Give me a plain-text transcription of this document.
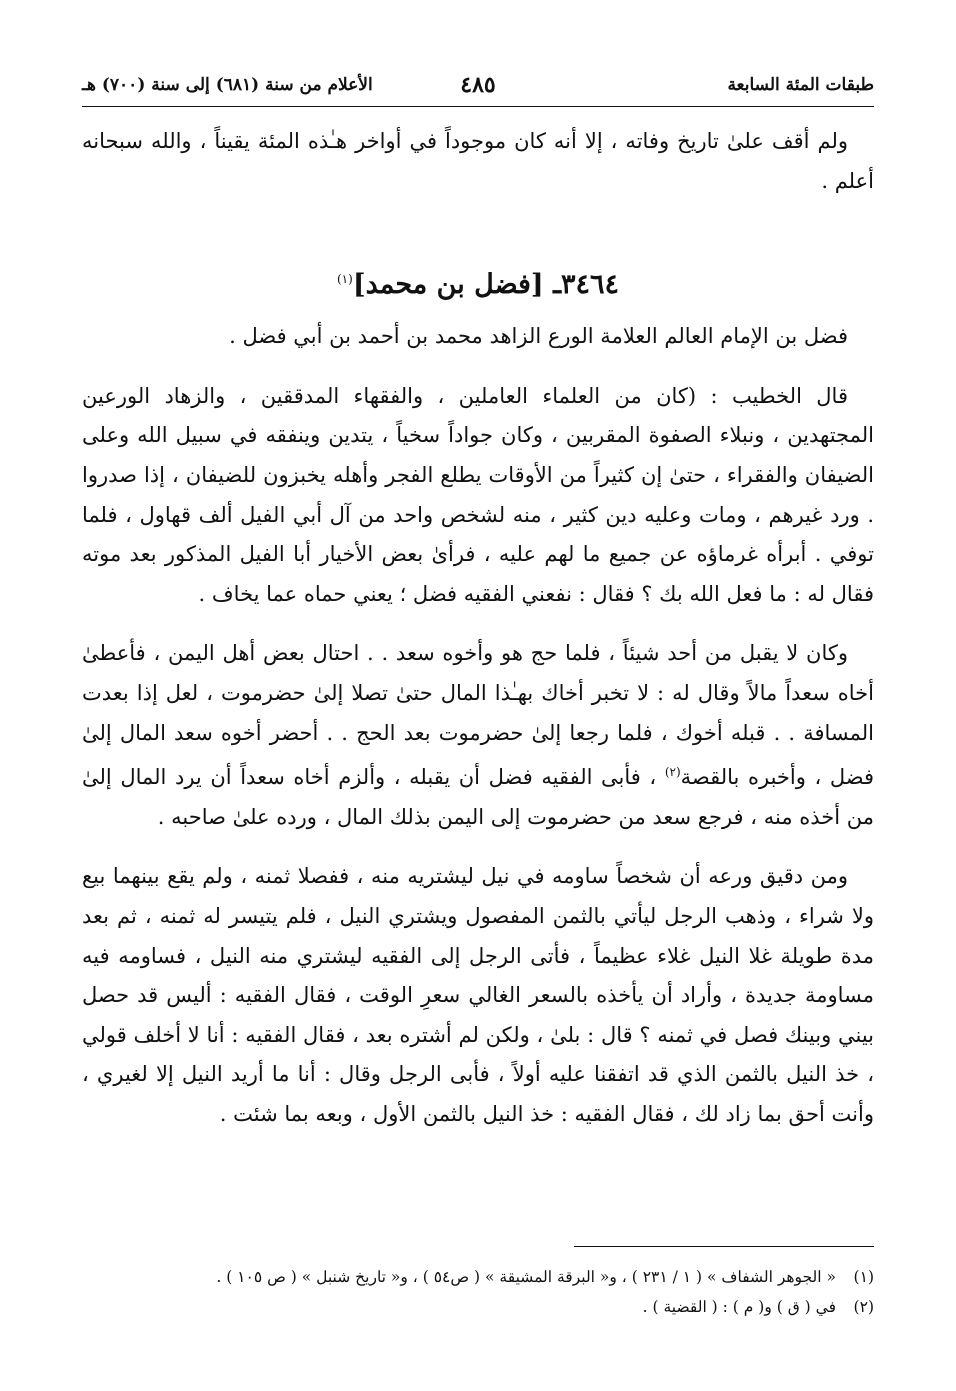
طبقات المئة السابعة
٤٨٥
الأعلام من سنة (٦٨١) إلى سنة (٧٠٠) هـ

ولم أقف علىٰ تاريخ وفاته ، إلا أنه كان موجوداً في أواخر هـٰذه المئة يقيناً ، والله سبحانه أعلم .

٣٤٦٤ـ [فضل بن محمد]$^{(١)}$

فضل بن الإمام العالم العلامة الورع الزاهد محمد بن أحمد بن أبي فضل .

قال الخطيب : (كان من العلماء العاملين ، والفقهاء المدققين ، والزهاد الورعين المجتهدين ، ونبلاء الصفوة المقربين ، وكان جواداً سخياً ، يتدين وينفقه في سبيل الله وعلى الضيفان والفقراء ، حتىٰ إن كثيراً من الأوقات يطلع الفجر وأهله يخبزون للضيفان ، إذا صدروا . ورد غيرهم ، ومات وعليه دين كثير ، منه لشخص واحد من آل أبي الفيل ألف قهاول ، فلما توفي . أبرأه غرماؤه عن جميع ما لهم عليه ، فرأىٰ بعض الأخيار أبا الفيل المذكور بعد موته فقال له : ما فعل الله بك ؟ فقال : نفعني الفقيه فضل ؛ يعني حماه عما يخاف .

وكان لا يقبل من أحد شيئاً ، فلما حج هو وأخوه سعد . . احتال بعض أهل اليمن ، فأعطىٰ أخاه سعداً مالاً وقال له : لا تخبر أخاك بهـٰذا المال حتىٰ تصلا إلىٰ حضرموت ، لعل إذا بعدت المسافة . . قبله أخوك ، فلما رجعا إلىٰ حضرموت بعد الحج . . أحضر أخوه سعد المال إلىٰ فضل ، وأخبره بالقصة$^{(٢)}$ ، فأبى الفقيه فضل أن يقبله ، وألزم أخاه سعداً أن يرد المال إلىٰ من أخذه منه ، فرجع سعد من حضرموت إلى اليمن بذلك المال ، ورده علىٰ صاحبه .

ومن دقيق ورعه أن شخصاً ساومه في نيل ليشتريه منه ، ففصلا ثمنه ، ولم يقع بينهما بيع ولا شراء ، وذهب الرجل ليأتي بالثمن المفصول ويشتري النيل ، فلم يتيسر له ثمنه ، ثم بعد مدة طويلة غلا النيل غلاء عظيماً ، فأتى الرجل إلى الفقيه ليشتري منه النيل ، فساومه فيه مساومة جديدة ، وأراد أن يأخذه بالسعر الغالي سعرِ الوقت ، فقال الفقيه : أليس قد حصل بيني وبينك فصل في ثمنه ؟ قال : بلىٰ ، ولكن لم أشتره بعد ، فقال الفقيه : أنا لا أخلف قولي ، خذ النيل بالثمن الذي قد اتفقنا عليه أولاً ، فأبى الرجل وقال : أنا ما أريد النيل إلا لغيري ، وأنت أحق بما زاد لك ، فقال الفقيه : خذ النيل بالثمن الأول ، وبعه بما شئت .

(١)
« الجوهر الشفاف » ( ١ / ٢٣١ ) ، و« البرقة المشيقة » ( ص٥٤ ) ، و« تاريخ شنبل » ( ص ١٠٥ ) .
(٢)
في ( ق ) و( م ) : ( القضية ) .
